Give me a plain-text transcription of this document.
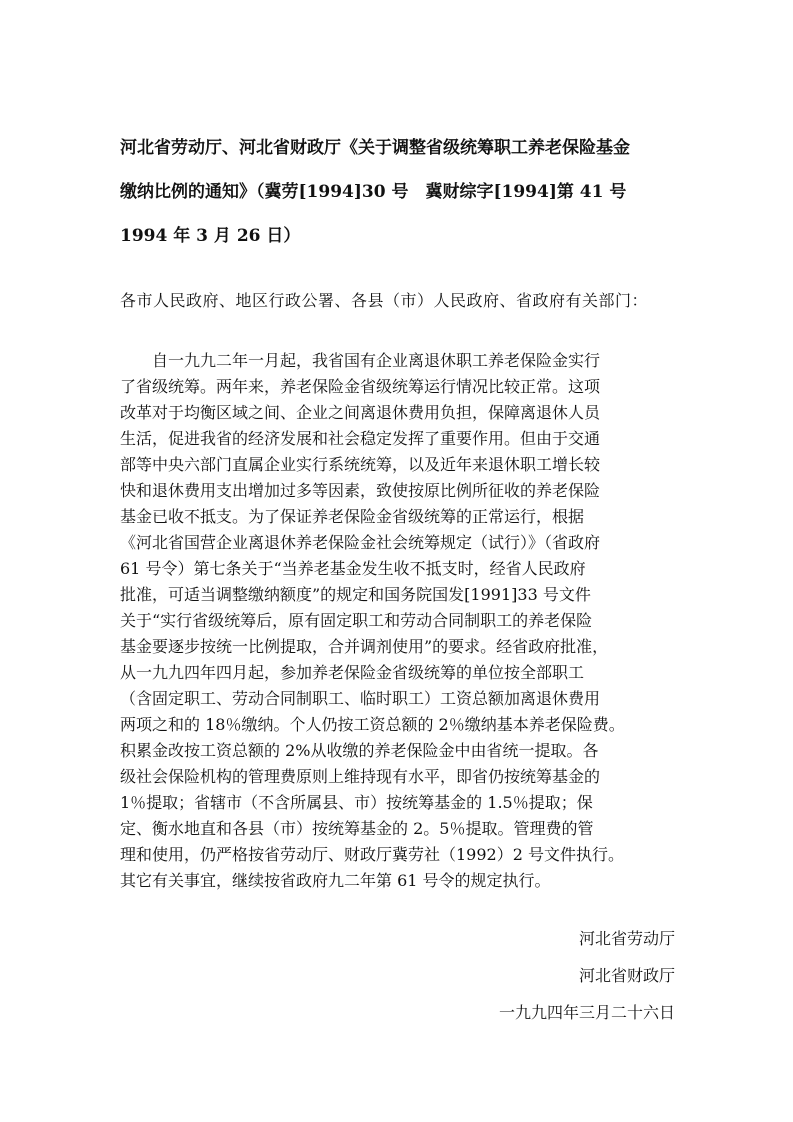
河北省劳动厅、河北省财政厅《关于调整省级统筹职工养老保险基金
缴纳比例的通知》（冀劳[1994]30 号　冀财综字[1994]第 41 号
1994 年 3 月 26 日）
各市人民政府、地区行政公署、各县（市）人民政府、省政府有关部门：
　　自一九九二年一月起，我省国有企业离退休职工养老保险金实行
了省级统筹。两年来，养老保险金省级统筹运行情况比较正常。这项
改革对于均衡区域之间、企业之间离退休费用负担，保障离退休人员
生活，促进我省的经济发展和社会稳定发挥了重要作用。但由于交通
部等中央六部门直属企业实行系统统筹，以及近年来退休职工增长较
快和退休费用支出增加过多等因素，致使按原比例所征收的养老保险
基金已收不抵支。为了保证养老保险金省级统筹的正常运行，根据
《河北省国营企业离退休养老保险金社会统筹规定（试行）》（省政府
61 号令）第七条关于“当养老基金发生收不抵支时，经省人民政府
批准，可适当调整缴纳额度”的规定和国务院国发[1991]33 号文件
关于“实行省级统筹后，原有固定职工和劳动合同制职工的养老保险
基金要逐步按统一比例提取，合并调剂使用”的要求。经省政府批准，
从一九九四年四月起，参加养老保险金省级统筹的单位按全部职工
（含固定职工、劳动合同制职工、临时职工）工资总额加离退休费用
两项之和的 18％缴纳。个人仍按工资总额的 2％缴纳基本养老保险费。
积累金改按工资总额的 2%从收缴的养老保险金中由省统一提取。各
级社会保险机构的管理费原则上维持现有水平，即省仍按统筹基金的
1％提取；省辖市（不含所属县、市）按统筹基金的 1.5％提取；保
定、衡水地直和各县（市）按统筹基金的 2。5％提取。管理费的管
理和使用，仍严格按省劳动厅、财政厅冀劳社（1992）2 号文件执行。
其它有关事宜，继续按省政府九二年第 61 号令的规定执行。
河北省劳动厅
河北省财政厅
一九九四年三月二十六日
